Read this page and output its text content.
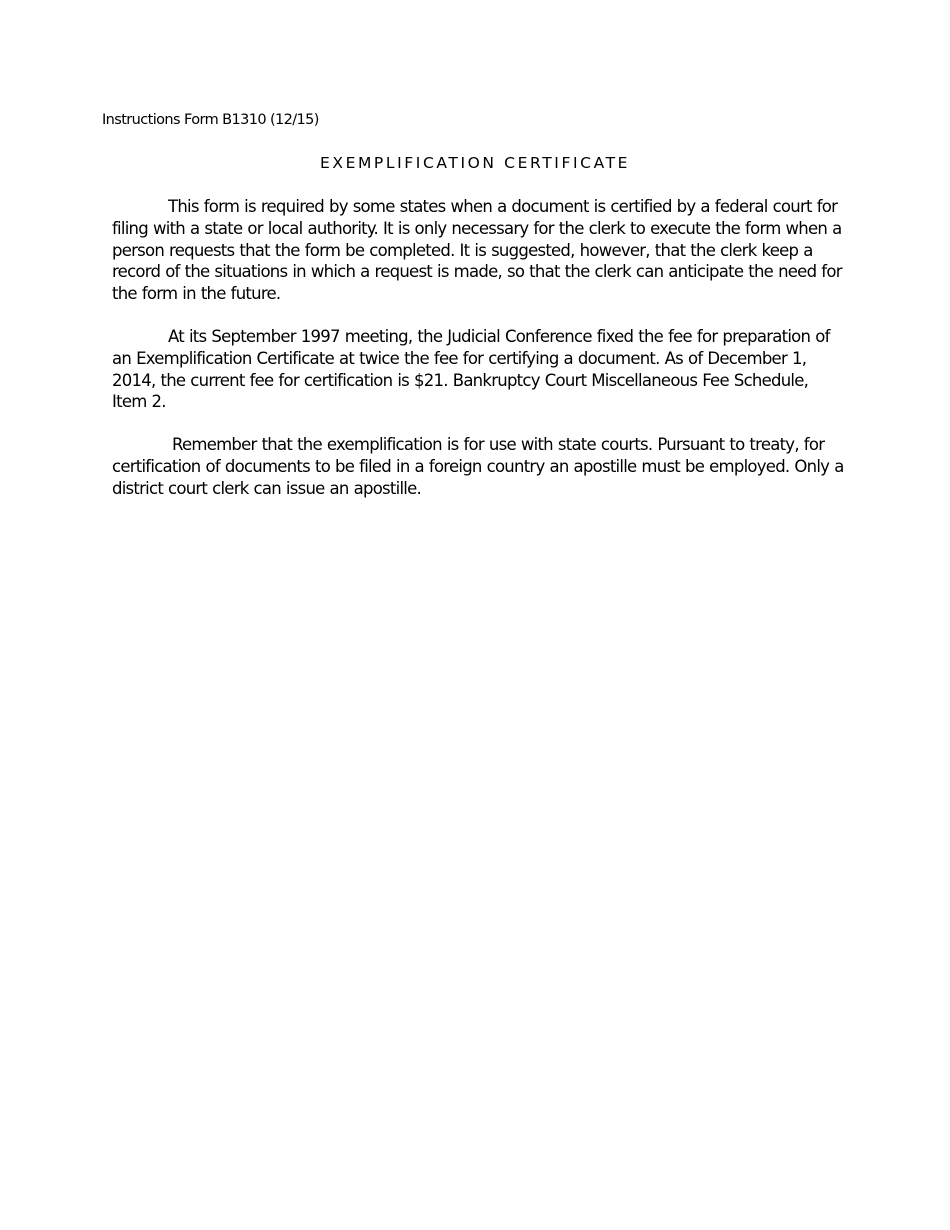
Instructions Form B1310 (12/15)
EXEMPLIFICATION CERTIFICATE
This form is required by some states when a document is certified by a federal court for
filing with a state or local authority. It is only necessary for the clerk to execute the form when a
person requests that the form be completed. It is suggested, however, that the clerk keep a
record of the situations in which a request is made, so that the clerk can anticipate the need for
the form in the future.
At its September 1997 meeting, the Judicial Conference fixed the fee for preparation of
an Exemplification Certificate at twice the fee for certifying a document. As of December 1,
2014, the current fee for certification is $21. Bankruptcy Court Miscellaneous Fee Schedule,
Item 2.
Remember that the exemplification is for use with state courts. Pursuant to treaty, for
certification of documents to be filed in a foreign country an apostille must be employed. Only a
district court clerk can issue an apostille.
